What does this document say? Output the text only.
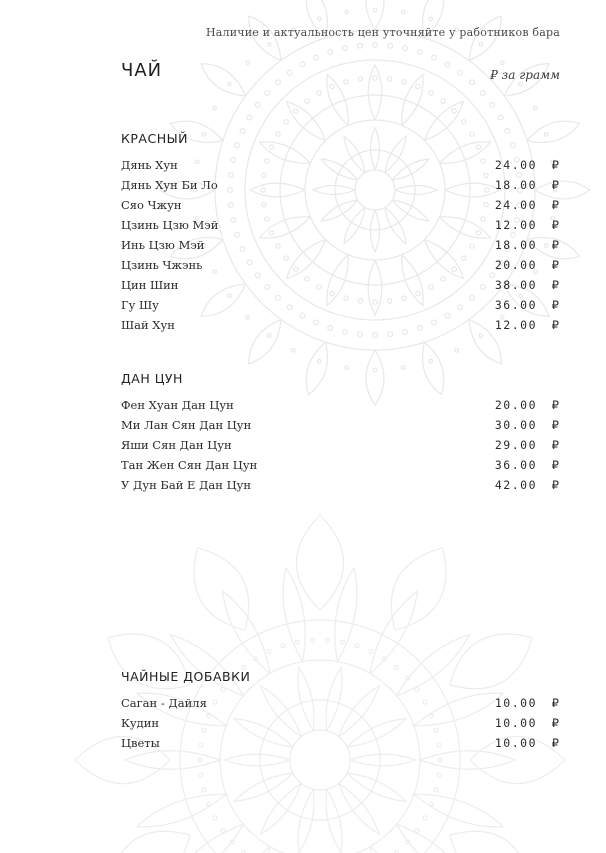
Наличие и актуальность цен уточняйте у работников бара
ЧАЙ	₽ за грамм
КРАСНЫЙ
Дянь Хун	24.00 ₽
Дянь Хун Би Ло	18.00 ₽
Сяо Чжун	24.00 ₽
Цзинь Цзю Мэй	12.00 ₽
Инь Цзю Мэй	18.00 ₽
Цзинь Чжэнь	20.00 ₽
Цин Шин	38.00 ₽
Гу Шу	36.00 ₽
Шай Хун	12.00 ₽
ДАН ЦУН
Фен Хуан Дан Цун	20.00 ₽
Ми Лан Сян Дан Цун	30.00 ₽
Яши Сян Дан Цун	29.00 ₽
Тан Жен Сян Дан Цун	36.00 ₽
У Дун Бай Е Дан Цун	42.00 ₽
ЧАЙНЫЕ ДОБАВКИ
Саган - Дайля	10.00 ₽
Кудин	10.00 ₽
Цветы	10.00 ₽
